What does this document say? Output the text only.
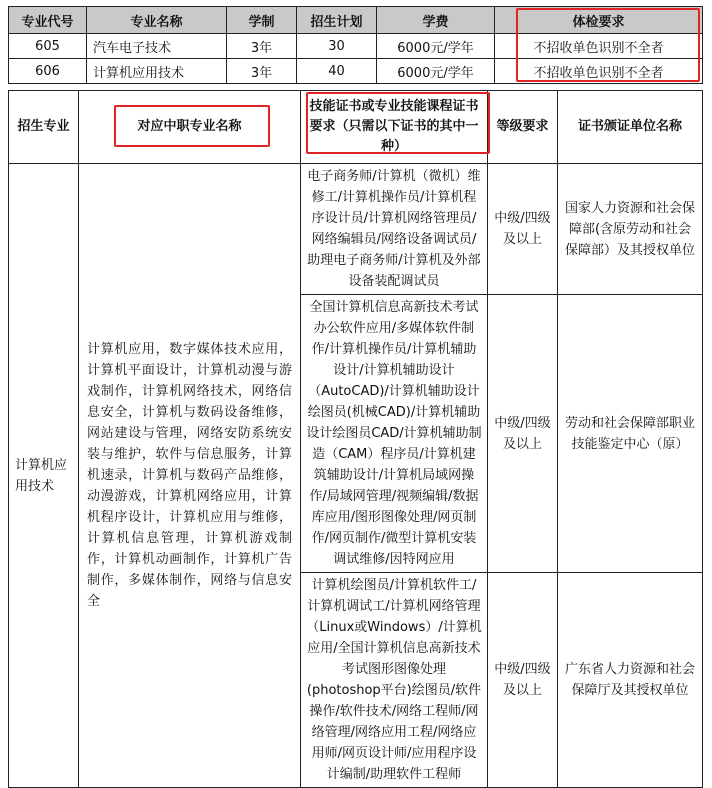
专业代号	专业名称	学制	招生计划	学费	体检要求
605	汽车电子技术	3年	30	6000元/学年	不招收单色识别不全者
606	计算机应用技术	3年	40	6000元/学年	不招收单色识别不全者
招生专业	对应中职专业名称	技能证书或专业技能课程证书要求（只需以下证书的其中一种）	等级要求	证书颁证单位名称
计算机应用技术	计算机应用，数字媒体技术应用，计算机平面设计，计算机动漫与游戏制作，计算机网络技术，网络信息安全，计算机与数码设备维修，网站建设与管理，网络安防系统安装与维护，软件与信息服务，计算机速录，计算机与数码产品维修，动漫游戏，计算机网络应用，计算机程序设计，计算机应用与维修，计算机信息管理，计算机游戏制作，计算机动画制作，计算机广告制作，多媒体制作，网络与信息安全	电子商务师/计算机（微机）维修工/计算机操作员/计算机程序设计员/计算机网络管理员/网络编辑员/网络设备调试员/助理电子商务师/计算机及外部设备装配调试员	中级/四级及以上	国家人力资源和社会保障部(含原劳动和社会保障部）及其授权单位
		全国计算机信息高新技术考试办公软件应用/多媒体软件制作/计算机操作员/计算机辅助设计/计算机辅助设计（AutoCAD)/计算机辅助设计绘图员(机械CAD)/计算机辅助设计绘图员CAD/计算机辅助制造（CAM）程序员/计算机建筑辅助设计/计算机局域网操作/局域网管理/视频编辑/数据库应用/图形图像处理/网页制作/网页制作/微型计算机安装调试维修/因特网应用	中级/四级及以上	劳动和社会保障部职业技能鉴定中心（原）
		计算机绘图员/计算机软件工/计算机调试工/计算机网络管理（Linux或Windows）/计算机应用/全国计算机信息高新技术考试图形图像处理(photoshop平台)绘图员/软件操作/软件技术/网络工程师/网络管理/网络应用工程/网络应用师/网页设计师/应用程序设计编制/助理软件工程师	中级/四级及以上	广东省人力资源和社会保障厅及其授权单位
